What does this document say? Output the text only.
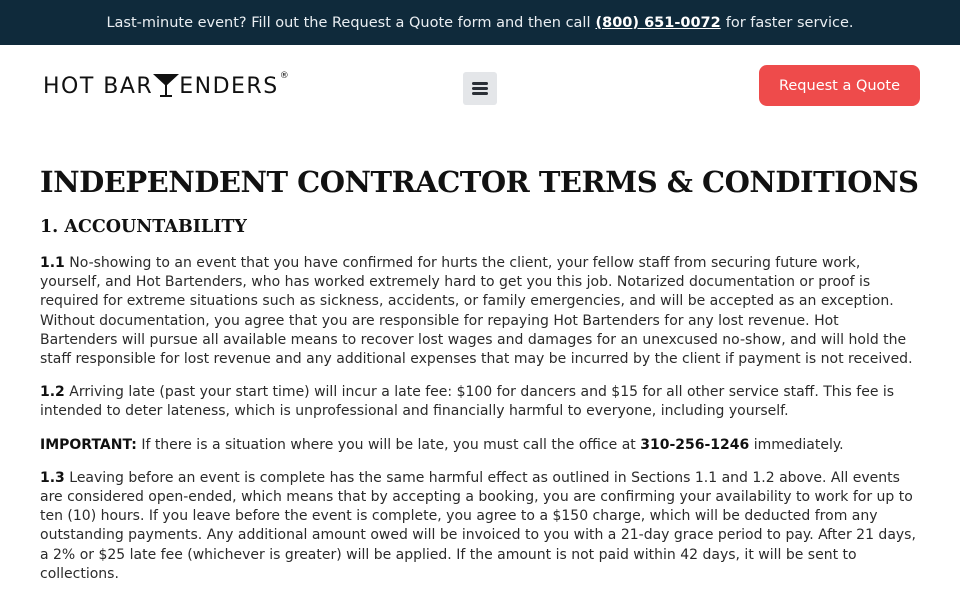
Last-minute event? Fill out the Request a Quote form and then call (800) 651-0072 for faster service.
HOT BAR ENDERS ®
Request a Quote
INDEPENDENT CONTRACTOR TERMS & CONDITIONS
1. ACCOUNTABILITY

1.1 No-showing to an event that you have confirmed for hurts the client, your fellow staff from securing future work, yourself, and Hot Bartenders, who has worked extremely hard to get you this job. Notarized documentation or proof is required for extreme situations such as sickness, accidents, or family emergencies, and will be accepted as an exception. Without documentation, you agree that you are responsible for repaying Hot Bartenders for any lost revenue. Hot Bartenders will pursue all available means to recover lost wages and damages for an unexcused no-show, and will hold the staff responsible for lost revenue and any additional expenses that may be incurred by the client if payment is not received.

1.2 Arriving late (past your start time) will incur a late fee: $100 for dancers and $15 for all other service staff. This fee is intended to deter lateness, which is unprofessional and financially harmful to everyone, including yourself.

IMPORTANT: If there is a situation where you will be late, you must call the office at 310-256-1246 immediately.

1.3 Leaving before an event is complete has the same harmful effect as outlined in Sections 1.1 and 1.2 above. All events are considered open-ended, which means that by accepting a booking, you are confirming your availability to work for up to ten (10) hours. If you leave before the event is complete, you agree to a $150 charge, which will be deducted from any outstanding payments. Any additional amount owed will be invoiced to you with a 21-day grace period to pay. After 21 days, a 2% or $25 late fee (whichever is greater) will be applied. If the amount is not paid within 42 days, it will be sent to collections.
